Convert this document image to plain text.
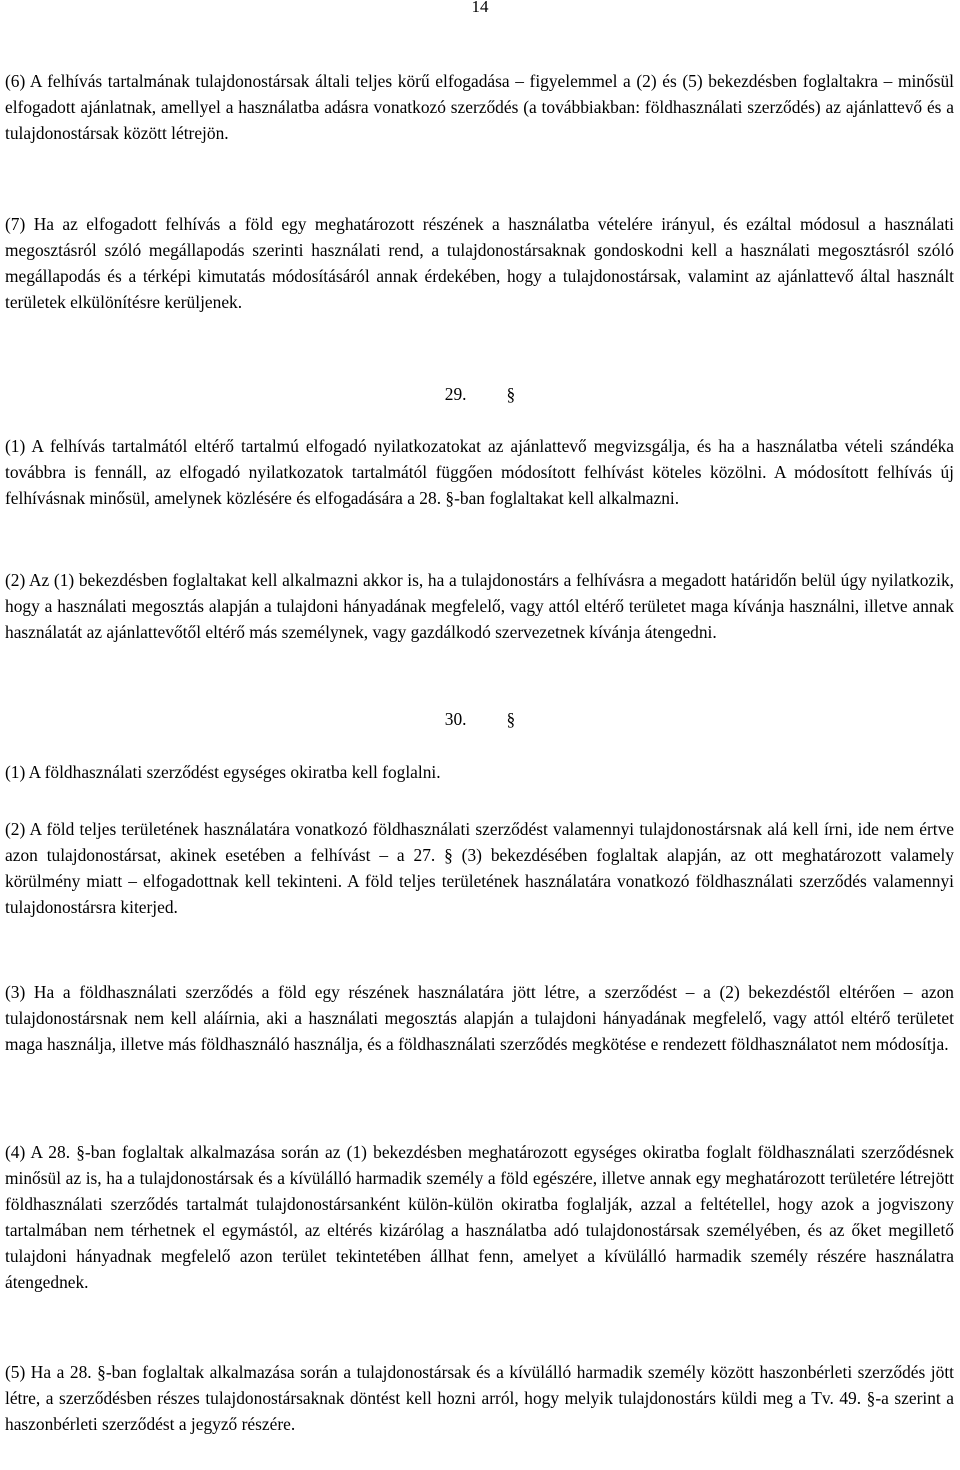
14

(6) A felhívás tartalmának tulajdonostársak általi teljes körű elfogadása – figyelemmel a (2) és (5) bekezdésben foglaltakra – minősül elfogadott ajánlatnak, amellyel a használatba adásra vonatkozó szerződés (a továbbiakban: földhasználati szerződés) az ajánlattevő és a tulajdonostársak között létrejön.

(7) Ha az elfogadott felhívás a föld egy meghatározott részének a használatba vételére irányul, és ezáltal módosul a használati megosztásról szóló megállapodás szerinti használati rend, a tulajdonostársaknak gondoskodni kell a használati megosztásról szóló megállapodás és a térképi kimutatás módosításáról annak érdekében, hogy a tulajdonostársak, valamint az ajánlattevő által használt területek elkülönítésre kerüljenek.

29. §

(1) A felhívás tartalmától eltérő tartalmú elfogadó nyilatkozatokat az ajánlattevő megvizsgálja, és ha a használatba vételi szándéka továbbra is fennáll, az elfogadó nyilatkozatok tartalmától függően módosított felhívást köteles közölni. A módosított felhívás új felhívásnak minősül, amelynek közlésére és elfogadására a 28. §-ban foglaltakat kell alkalmazni.

(2) Az (1) bekezdésben foglaltakat kell alkalmazni akkor is, ha a tulajdonostárs a felhívásra a megadott határidőn belül úgy nyilatkozik, hogy a használati megosztás alapján a tulajdoni hányadának megfelelő, vagy attól eltérő területet maga kívánja használni, illetve annak használatát az ajánlattevőtől eltérő más személynek, vagy gazdálkodó szervezetnek kívánja átengedni.

30. §

(1) A földhasználati szerződést egységes okiratba kell foglalni.

(2) A föld teljes területének használatára vonatkozó földhasználati szerződést valamennyi tulajdonostársnak alá kell írni, ide nem értve azon tulajdonostársat, akinek esetében a felhívást – a 27. § (3) bekezdésében foglaltak alapján, az ott meghatározott valamely körülmény miatt – elfogadottnak kell tekinteni. A föld teljes területének használatára vonatkozó földhasználati szerződés valamennyi tulajdonostársra kiterjed.

(3) Ha a földhasználati szerződés a föld egy részének használatára jött létre, a szerződést – a (2) bekezdéstől eltérően – azon tulajdonostársnak nem kell aláírnia, aki a használati megosztás alapján a tulajdoni hányadának megfelelő, vagy attól eltérő területet maga használja, illetve más földhasználó használja, és a földhasználati szerződés megkötése e rendezett földhasználatot nem módosítja.

(4) A 28. §-ban foglaltak alkalmazása során az (1) bekezdésben meghatározott egységes okiratba foglalt földhasználati szerződésnek minősül az is, ha a tulajdonostársak és a kívülálló harmadik személy a föld egészére, illetve annak egy meghatározott területére létrejött földhasználati szerződés tartalmát tulajdonostársanként külön-külön okiratba foglalják, azzal a feltétellel, hogy azok a jogviszony tartalmában nem térhetnek el egymástól, az eltérés kizárólag a használatba adó tulajdonostársak személyében, és az őket megillető tulajdoni hányadnak megfelelő azon terület tekintetében állhat fenn, amelyet a kívülálló harmadik személy részére használatra átengednek.

(5) Ha a 28. §-ban foglaltak alkalmazása során a tulajdonostársak és a kívülálló harmadik személy között haszonbérleti szerződés jött létre, a szerződésben részes tulajdonostársaknak döntést kell hozni arról, hogy melyik tulajdonostárs küldi meg a Tv. 49. §-a szerint a haszonbérleti szerződést a jegyző részére.
